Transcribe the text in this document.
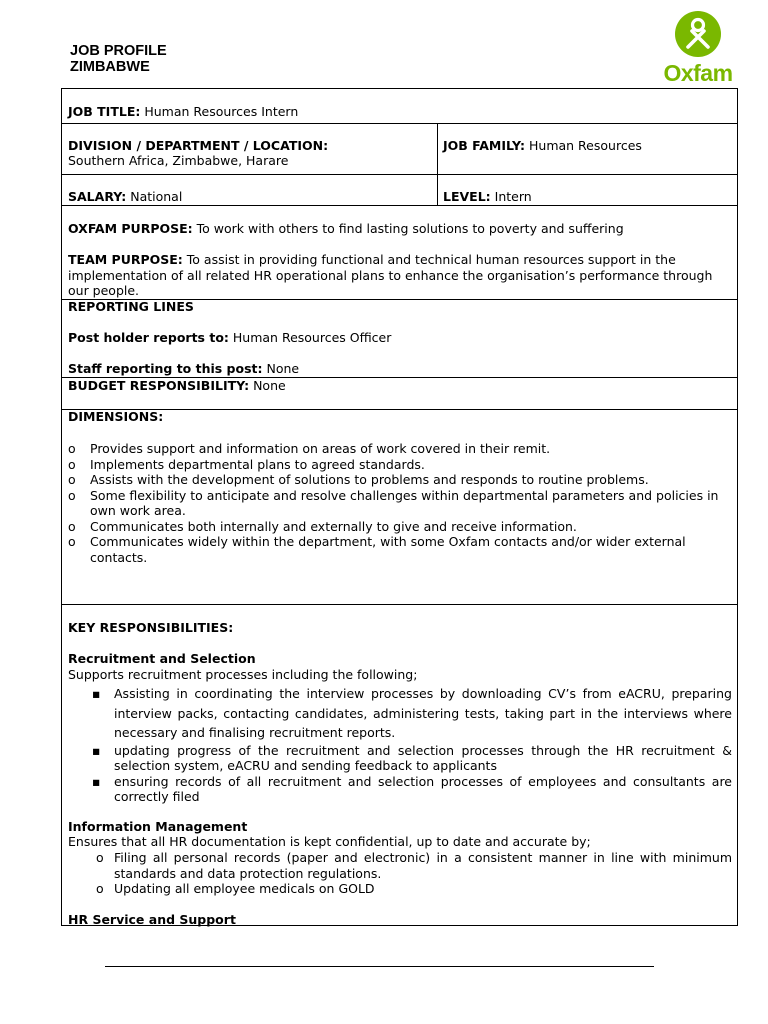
JOB PROFILE
ZIMBABWE	Oxfam
JOB TITLE: Human Resources Intern
DIVISION / DEPARTMENT / LOCATION:
Southern Africa, Zimbabwe, Harare
JOB FAMILY: Human Resources
SALARY: National	LEVEL: Intern
OXFAM PURPOSE: To work with others to find lasting solutions to poverty and suffering
TEAM PURPOSE: To assist in providing functional and technical human resources support in the implementation of all related HR operational plans to enhance the organisation’s performance through our people.
REPORTING LINES
Post holder reports to: Human Resources Officer
Staff reporting to this post: None
BUDGET RESPONSIBILITY: None
DIMENSIONS:
o Provides support and information on areas of work covered in their remit.
o Implements departmental plans to agreed standards.
o Assists with the development of solutions to problems and responds to routine problems.
o Some flexibility to anticipate and resolve challenges within departmental parameters and policies in own work area.
o Communicates both internally and externally to give and receive information.
o Communicates widely within the department, with some Oxfam contacts and/or wider external contacts.
KEY RESPONSIBILITIES:
Recruitment and Selection
Supports recruitment processes including the following;
▪ Assisting in coordinating the interview processes by downloading CV’s from eACRU, preparing interview packs, contacting candidates, administering tests, taking part in the interviews where necessary and finalising recruitment reports.
▪ updating progress of the recruitment and selection processes through the HR recruitment & selection system, eACRU and sending feedback to applicants
▪ ensuring records of all recruitment and selection processes of employees and consultants are correctly filed
Information Management
Ensures that all HR documentation is kept confidential, up to date and accurate by;
o Filing all personal records (paper and electronic) in a consistent manner in line with minimum standards and data protection regulations.
o Updating all employee medicals on GOLD
HR Service and Support
